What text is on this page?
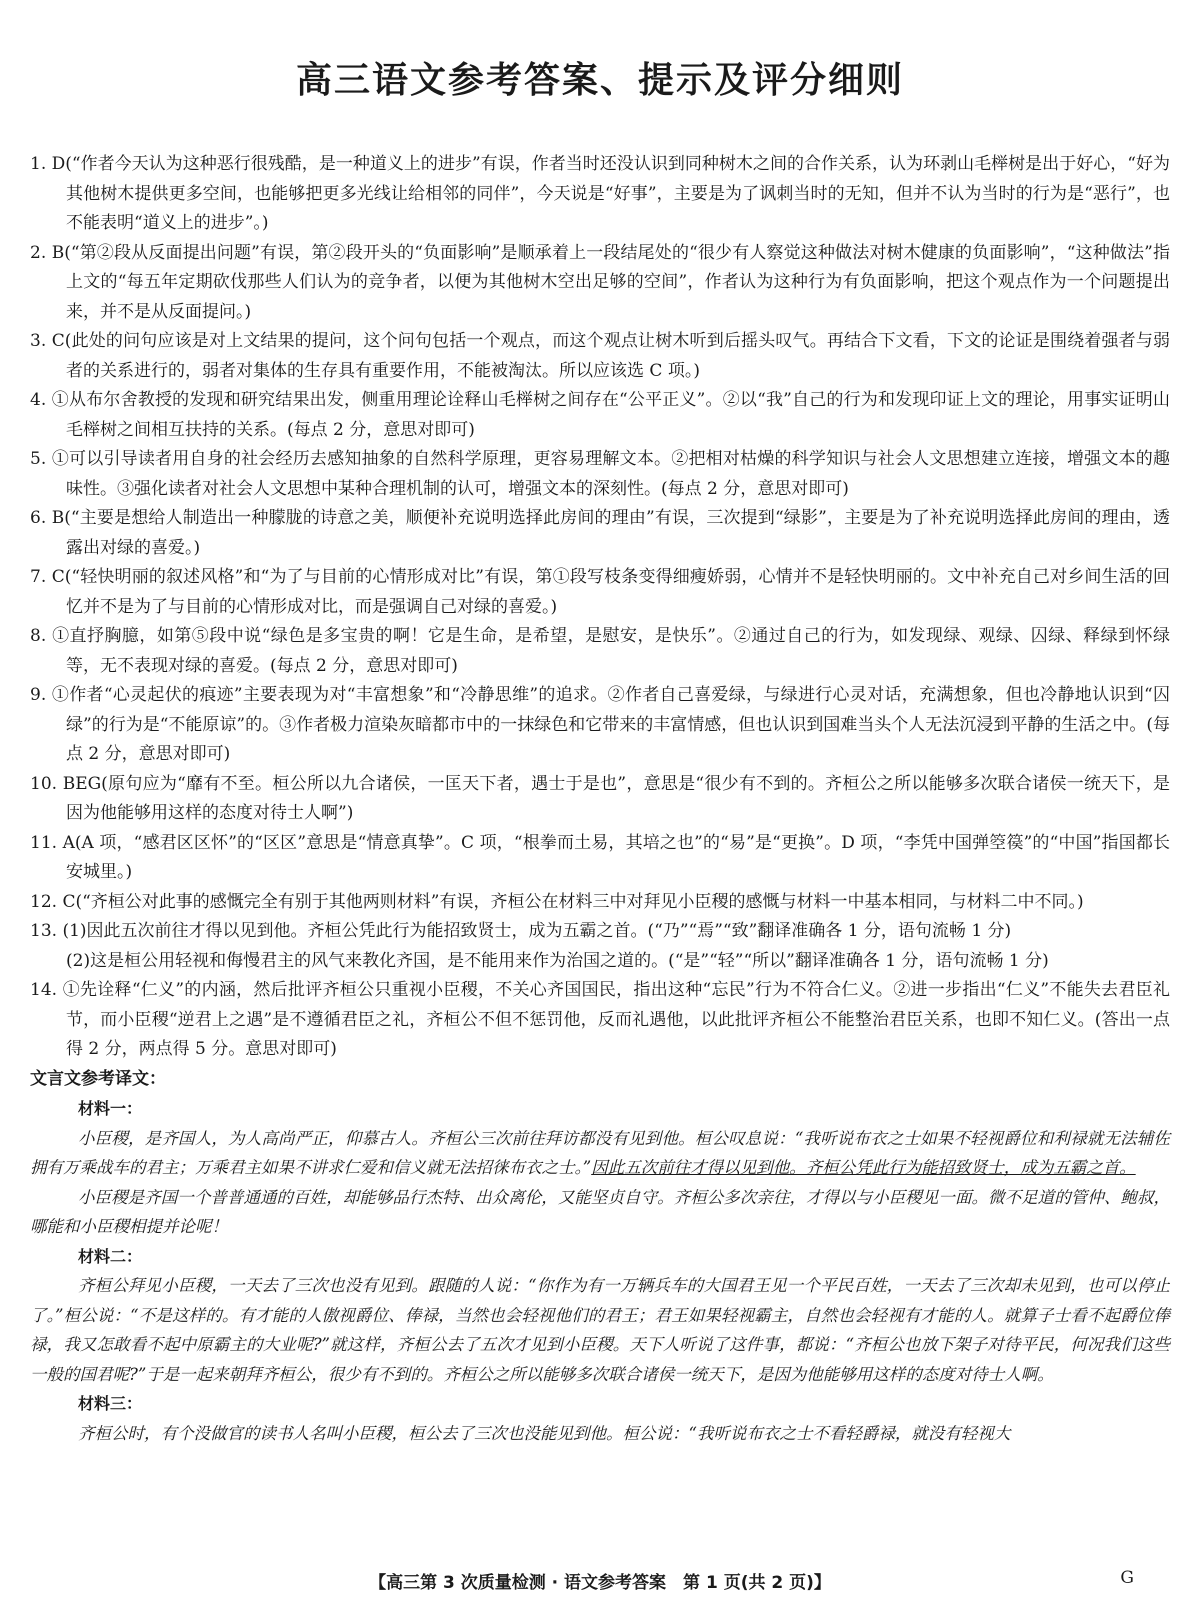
高三语文参考答案、提示及评分细则

1. D(“作者今天认为这种恶行很残酷，是一种道义上的进步”有误，作者当时还没认识到同种树木之间的合作关系，认为环剥山毛榉树是出于好心，“好为其他树木提供更多空间，也能够把更多光线让给相邻的同伴”，今天说是“好事”，主要是为了讽刺当时的无知，但并不认为当时的行为是“恶行”，也不能表明“道义上的进步”。)

2. B(“第②段从反面提出问题”有误，第②段开头的“负面影响”是顺承着上一段结尾处的“很少有人察觉这种做法对树木健康的负面影响”，“这种做法”指上文的“每五年定期砍伐那些人们认为的竞争者，以便为其他树木空出足够的空间”，作者认为这种行为有负面影响，把这个观点作为一个问题提出来，并不是从反面提问。)

3. C(此处的问句应该是对上文结果的提问，这个问句包括一个观点，而这个观点让树木听到后摇头叹气。再结合下文看，下文的论证是围绕着强者与弱者的关系进行的，弱者对集体的生存具有重要作用，不能被淘汰。所以应该选 C 项。)

4. ①从布尔舍教授的发现和研究结果出发，侧重用理论诠释山毛榉树之间存在“公平正义”。②以“我”自己的行为和发现印证上文的理论，用事实证明山毛榉树之间相互扶持的关系。(每点 2 分，意思对即可)

5. ①可以引导读者用自身的社会经历去感知抽象的自然科学原理，更容易理解文本。②把相对枯燥的科学知识与社会人文思想建立连接，增强文本的趣味性。③强化读者对社会人文思想中某种合理机制的认可，增强文本的深刻性。(每点 2 分，意思对即可)

6. B(“主要是想给人制造出一种朦胧的诗意之美，顺便补充说明选择此房间的理由”有误，三次提到“绿影”，主要是为了补充说明选择此房间的理由，透露出对绿的喜爱。)

7. C(“轻快明丽的叙述风格”和“为了与目前的心情形成对比”有误，第①段写枝条变得细瘦娇弱，心情并不是轻快明丽的。文中补充自己对乡间生活的回忆并不是为了与目前的心情形成对比，而是强调自己对绿的喜爱。)

8. ①直抒胸臆，如第⑤段中说“绿色是多宝贵的啊！它是生命，是希望，是慰安，是快乐”。②通过自己的行为，如发现绿、观绿、囚绿、释绿到怀绿等，无不表现对绿的喜爱。(每点 2 分，意思对即可)

9. ①作者“心灵起伏的痕迹”主要表现为对“丰富想象”和“冷静思维”的追求。②作者自己喜爱绿，与绿进行心灵对话，充满想象，但也冷静地认识到“囚绿”的行为是“不能原谅”的。③作者极力渲染灰暗都市中的一抹绿色和它带来的丰富情感，但也认识到国难当头个人无法沉浸到平静的生活之中。(每点 2 分，意思对即可)

10. BEG(原句应为“靡有不至。桓公所以九合诸侯，一匡天下者，遇士于是也”，意思是“很少有不到的。齐桓公之所以能够多次联合诸侯一统天下，是因为他能够用这样的态度对待士人啊”)

11. A(A 项，“感君区区怀”的“区区”意思是“情意真挚”。C 项，“根拳而土易，其培之也”的“易”是“更换”。D 项，“李凭中国弹箜篌”的“中国”指国都长安城里。)

12. C(“齐桓公对此事的感慨完全有别于其他两则材料”有误，齐桓公在材料三中对拜见小臣稷的感慨与材料一中基本相同，与材料二中不同。)

13. (1)因此五次前往才得以见到他。齐桓公凭此行为能招致贤士，成为五霸之首。(“乃”“焉”“致”翻译准确各 1 分，语句流畅 1 分)

(2)这是桓公用轻视和侮慢君主的风气来教化齐国，是不能用来作为治国之道的。(“是”“轻”“所以”翻译准确各 1 分，语句流畅 1 分)

14. ①先诠释“仁义”的内涵，然后批评齐桓公只重视小臣稷，不关心齐国国民，指出这种“忘民”行为不符合仁义。②进一步指出“仁义”不能失去君臣礼节，而小臣稷“逆君上之遇”是不遵循君臣之礼，齐桓公不但不惩罚他，反而礼遇他，以此批评齐桓公不能整治君臣关系，也即不知仁义。(答出一点得 2 分，两点得 5 分。意思对即可)

文言文参考译文：

材料一：

小臣稷，是齐国人，为人高尚严正，仰慕古人。齐桓公三次前往拜访都没有见到他。桓公叹息说：“我听说布衣之士如果不轻视爵位和利禄就无法辅佐拥有万乘战车的君主；万乘君主如果不讲求仁爱和信义就无法招徕布衣之士。”因此五次前往才得以见到他。齐桓公凭此行为能招致贤士，成为五霸之首。

小臣稷是齐国一个普普通通的百姓，却能够品行杰特、出众离伦，又能坚贞自守。齐桓公多次亲往，才得以与小臣稷见一面。微不足道的管仲、鲍叔，哪能和小臣稷相提并论呢！

材料二：

齐桓公拜见小臣稷，一天去了三次也没有见到。跟随的人说：“你作为有一万辆兵车的大国君王见一个平民百姓，一天去了三次却未见到，也可以停止了。”桓公说：“不是这样的。有才能的人傲视爵位、俸禄，当然也会轻视他们的君王；君王如果轻视霸主，自然也会轻视有才能的人。就算子士看不起爵位俸禄，我又怎敢看不起中原霸主的大业呢?”就这样，齐桓公去了五次才见到小臣稷。天下人听说了这件事，都说：“齐桓公也放下架子对待平民，何况我们这些一般的国君呢?”于是一起来朝拜齐桓公，很少有不到的。齐桓公之所以能够多次联合诸侯一统天下，是因为他能够用这样的态度对待士人啊。

材料三：

齐桓公时，有个没做官的读书人名叫小臣稷，桓公去了三次也没能见到他。桓公说：“我听说布衣之士不看轻爵禄，就没有轻视大

【高三第 3 次质量检测 · 语文参考答案　第 1 页(共 2 页)】	G
